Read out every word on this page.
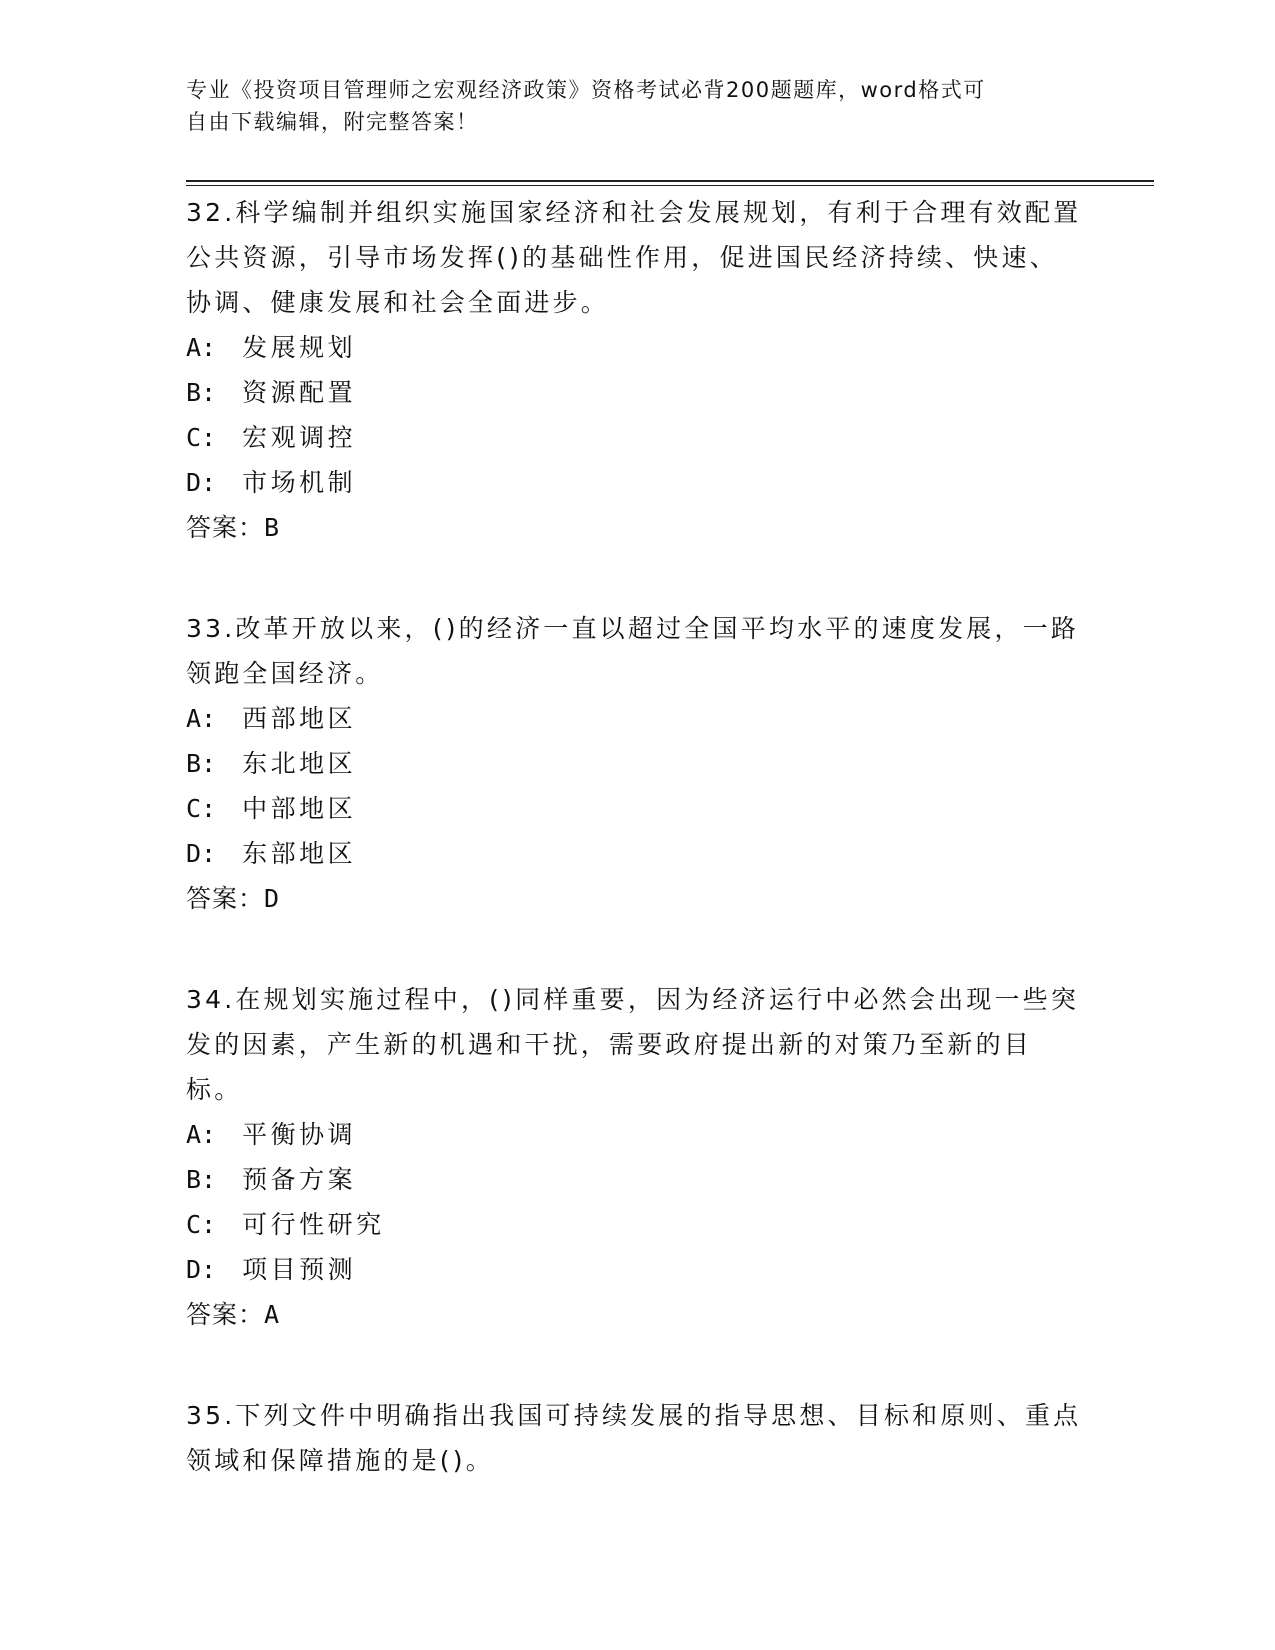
专业《投资项目管理师之宏观经济政策》资格考试必背200题题库，word格式可
自由下载编辑，附完整答案！

32.科学编制并组织实施国家经济和社会发展规划，有利于合理有效配置公共资源，引导市场发挥()的基础性作用，促进国民经济持续、快速、协调、健康发展和社会全面进步。

A: 发展规划
B: 资源配置
C: 宏观调控
D: 市场机制
答案： B

33.改革开放以来，()的经济一直以超过全国平均水平的速度发展，一路领跑全国经济。

A: 西部地区
B: 东北地区
C: 中部地区
D: 东部地区
答案： D

34.在规划实施过程中，()同样重要，因为经济运行中必然会出现一些突发的因素，产生新的机遇和干扰，需要政府提出新的对策乃至新的目标。

A: 平衡协调
B: 预备方案
C: 可行性研究
D: 项目预测
答案： A

35.下列文件中明确指出我国可持续发展的指导思想、目标和原则、重点领域和保障措施的是()。
